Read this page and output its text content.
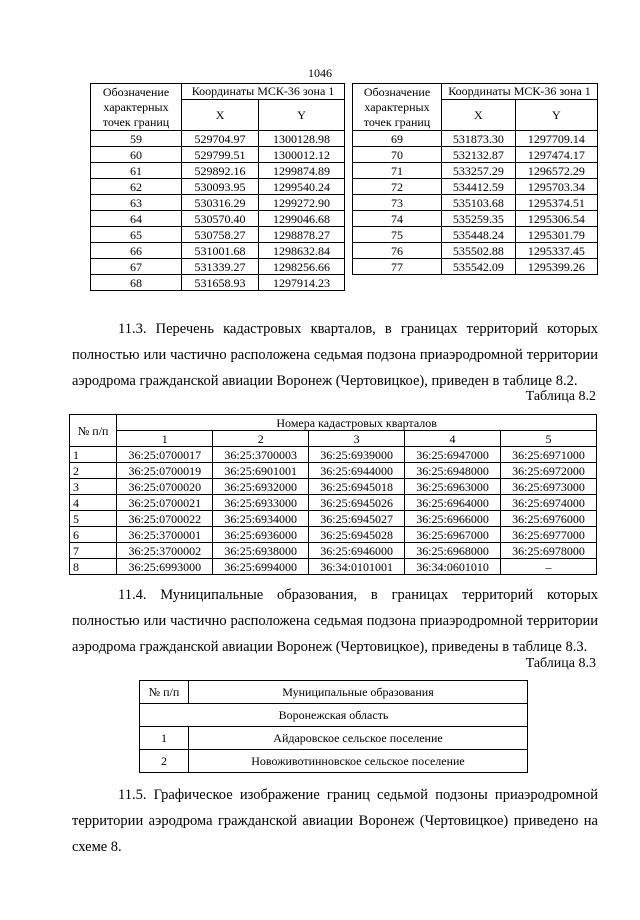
1046
Обозначение характерных точек границ	Координаты МСК-36 зона 1	
	X	Y
59	529704.97	1300128.98
60	529799.51	1300012.12
61	529892.16	1299874.89
62	530093.95	1299540.24
63	530316.29	1299272.90
64	530570.40	1299046.68
65	530758.27	1298878.27
66	531001.68	1298632.84
67	531339.27	1298256.66
68	531658.93	1297914.23
Обозначение характерных точек границ	Координаты МСК-36 зона 1	
	X	Y
69	531873.30	1297709.14
70	532132.87	1297474.17
71	533257.29	1296572.29
72	534412.59	1295703.34
73	535103.68	1295374.51
74	535259.35	1295306.54
75	535448.24	1295301.79
76	535502.88	1295337.45
77	535542.09	1295399.26

11.3. Перечень кадастровых кварталов, в границах территорий которых полностью или частично расположена седьмая подзона приаэродромной территории аэродрома гражданской авиации Воронеж (Чертовицкое), приведен в таблице 8.2.

Таблица 8.2
№ п/п	Номера кадастровых кварталов				
	1	2	3	4	5
1	36:25:0700017	36:25:3700003	36:25:6939000	36:25:6947000	36:25:6971000
2	36:25:0700019	36:25:6901001	36:25:6944000	36:25:6948000	36:25:6972000
3	36:25:0700020	36:25:6932000	36:25:6945018	36:25:6963000	36:25:6973000
4	36:25:0700021	36:25:6933000	36:25:6945026	36:25:6964000	36:25:6974000
5	36:25:0700022	36:25:6934000	36:25:6945027	36:25:6966000	36:25:6976000
6	36:25:3700001	36:25:6936000	36:25:6945028	36:25:6967000	36:25:6977000
7	36:25:3700002	36:25:6938000	36:25:6946000	36:25:6968000	36:25:6978000
8	36:25:6993000	36:25:6994000	36:34:0101001	36:34:0601010	–

11.4. Муниципальные образования, в границах территорий которых полностью или частично расположена седьмая подзона приаэродромной территории аэродрома гражданской авиации Воронеж (Чертовицкое), приведены в таблице 8.3.

Таблица 8.3
№ п/п	Муниципальные образования
Воронежская область	
1	Айдаровское сельское поселение
2	Новоживотинновское сельское поселение

11.5. Графическое изображение границ седьмой подзоны приаэродромной территории аэродрома гражданской авиации Воронеж (Чертовицкое) приведено на схеме 8.
